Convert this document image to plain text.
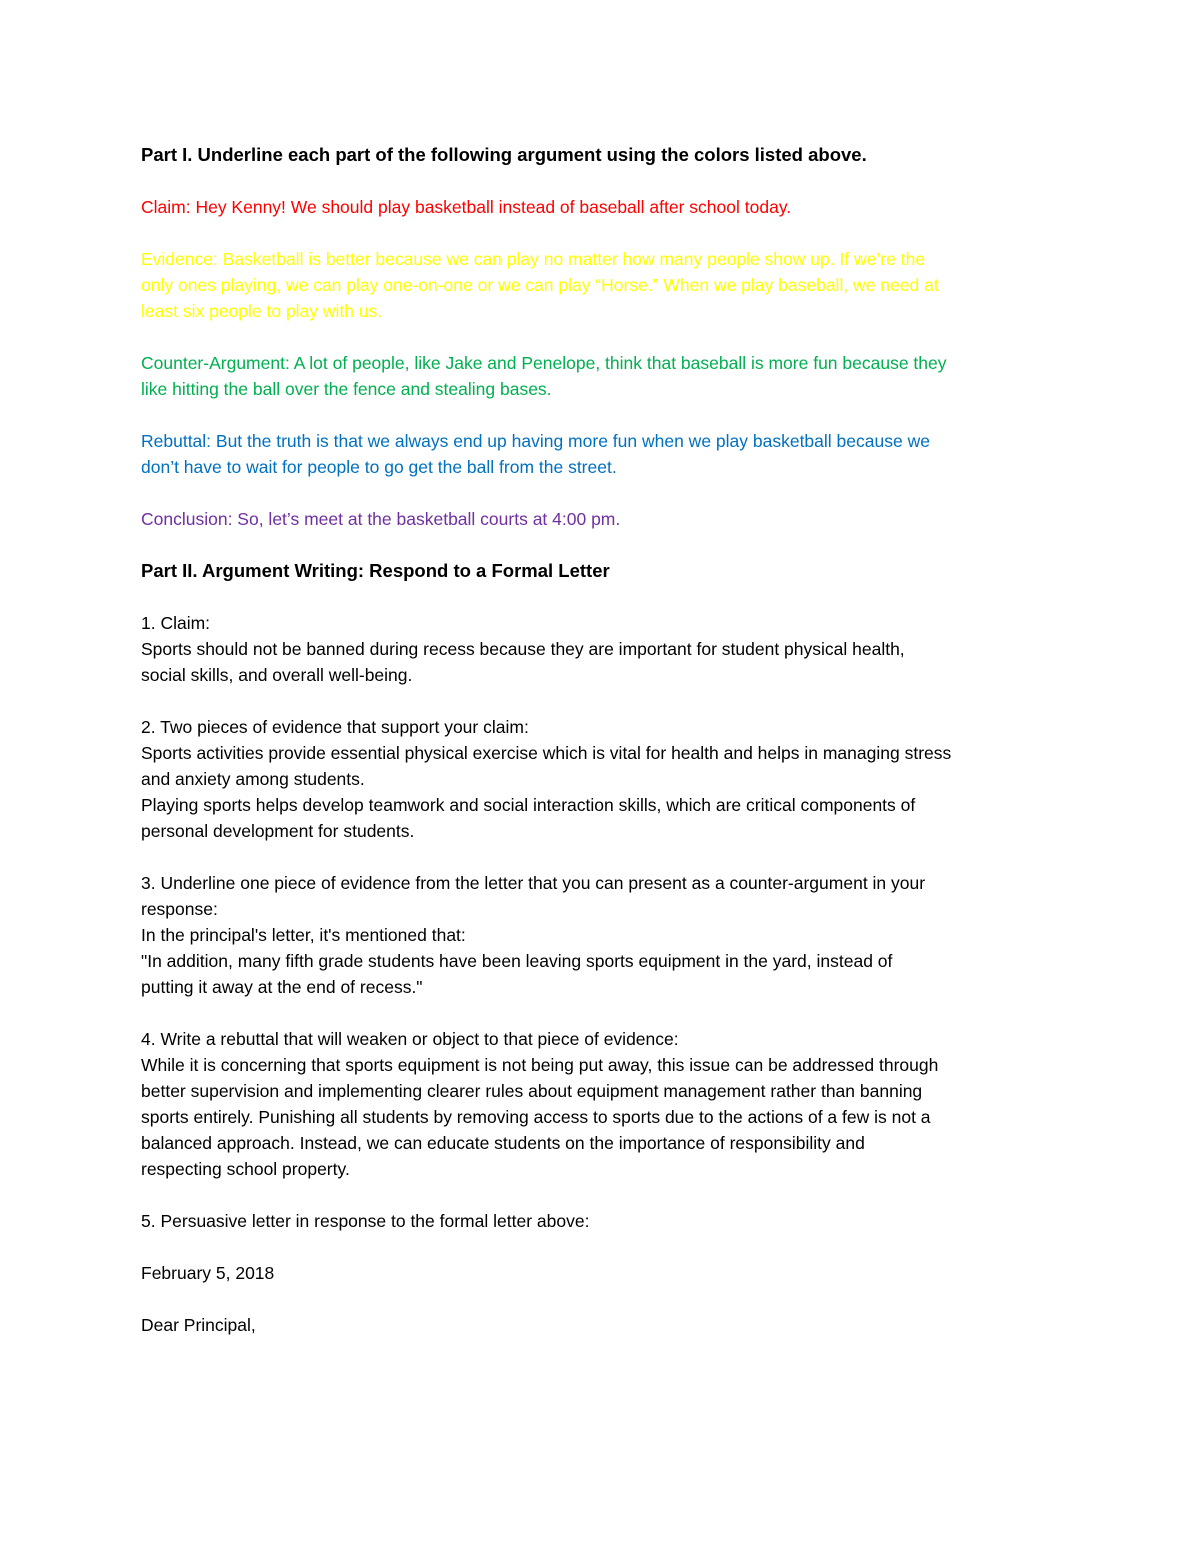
Part I. Underline each part of the following argument using the colors listed above.
Claim: Hey Kenny! We should play basketball instead of baseball after school today.
Evidence: Basketball is better because we can play no matter how many people show up. If we’re the
only ones playing, we can play one-on-one or we can play “Horse.” When we play baseball, we need at
least six people to play with us.
Counter-Argument: A lot of people, like Jake and Penelope, think that baseball is more fun because they
like hitting the ball over the fence and stealing bases.
Rebuttal: But the truth is that we always end up having more fun when we play basketball because we
don’t have to wait for people to go get the ball from the street.
Conclusion: So, let’s meet at the basketball courts at 4:00 pm.
Part II. Argument Writing: Respond to a Formal Letter
1. Claim:
Sports should not be banned during recess because they are important for student physical health,
social skills, and overall well-being.
2. Two pieces of evidence that support your claim:
Sports activities provide essential physical exercise which is vital for health and helps in managing stress
and anxiety among students.
Playing sports helps develop teamwork and social interaction skills, which are critical components of
personal development for students.
3. Underline one piece of evidence from the letter that you can present as a counter-argument in your
response:
In the principal's letter, it's mentioned that:
"In addition, many fifth grade students have been leaving sports equipment in the yard, instead of
putting it away at the end of recess."
4. Write a rebuttal that will weaken or object to that piece of evidence:
While it is concerning that sports equipment is not being put away, this issue can be addressed through
better supervision and implementing clearer rules about equipment management rather than banning
sports entirely. Punishing all students by removing access to sports due to the actions of a few is not a
balanced approach. Instead, we can educate students on the importance of responsibility and
respecting school property.
5. Persuasive letter in response to the formal letter above:
February 5, 2018
Dear Principal,
